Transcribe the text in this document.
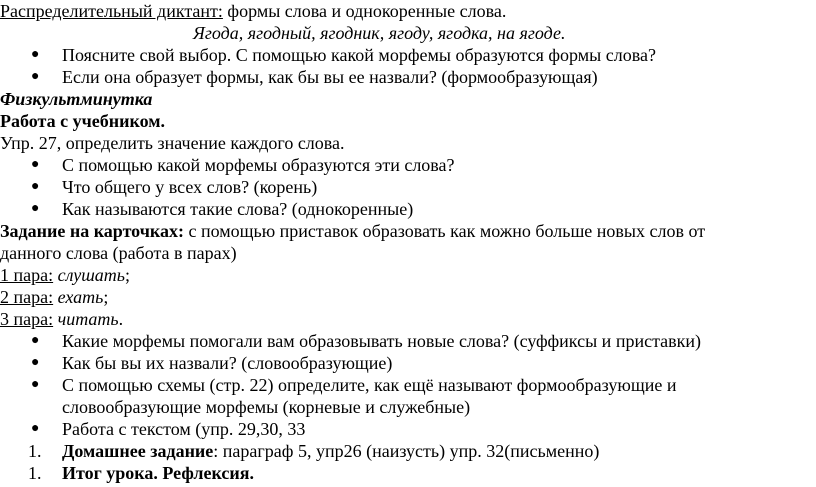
Распределительный диктант: формы слова и однокоренные слова.
Ягода, ягодный, ягодник, ягоду, ягодка, на ягоде.
● Поясните свой выбор. С помощью какой морфемы образуются формы слова?
● Если она образует формы, как бы вы ее назвали? (формообразующая)
Физкультминутка
Работа с учебником.
Упр. 27, определить значение каждого слова.
● С помощью какой морфемы образуются эти слова?
● Что общего у всех слов? (корень)
● Как называются такие слова? (однокоренные)
Задание на карточках: с помощью приставок образовать как можно больше новых слов от
данного слова (работа в парах)
1 пара: слушать;
2 пара: ехать;
3 пара: читать.
● Какие морфемы помогали вам образовывать новые слова? (суффиксы и приставки)
● Как бы вы их назвали? (словообразующие)
● С помощью схемы (стр. 22) определите, как ещё называют формообразующие и
словообразующие морфемы (корневые и служебные)
● Работа с текстом (упр. 29,30, 33
1. Домашнее задание: параграф 5, упр26 (наизусть) упр. 32(письменно)
1. Итог урока. Рефлексия.
